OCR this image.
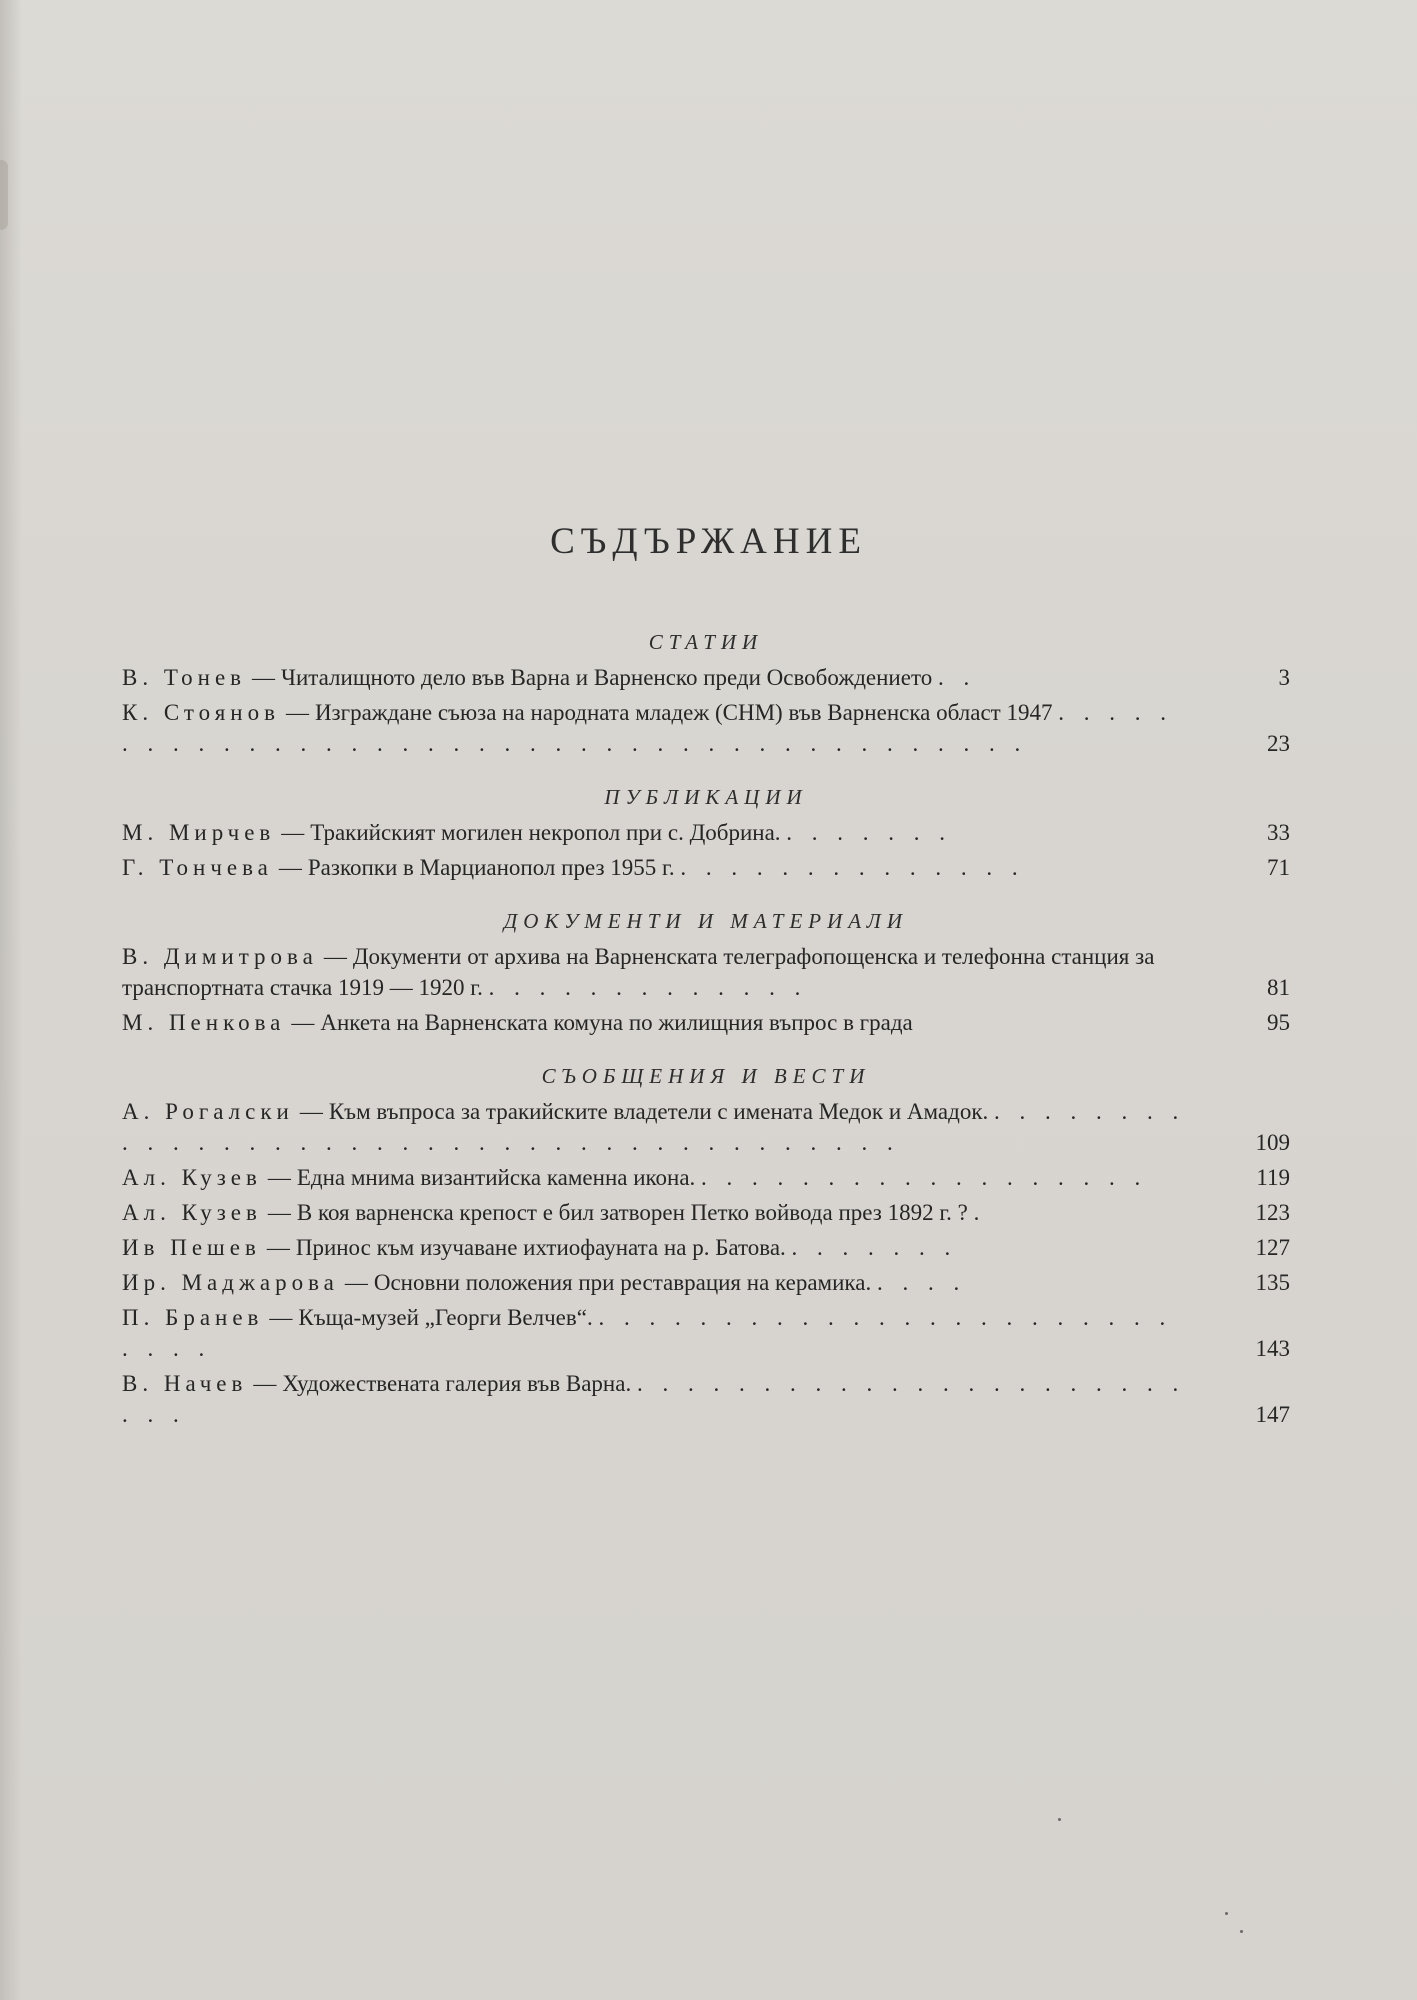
СЪДЪРЖАНИЕ
СТАТИИ
В. Тонев — Читалищното дело във Варна и Варненско преди Освобождението . .	3
К. Стоянов — Изграждане съюза на народната младеж (СНМ) във Варненска област 1947 . . . . . . . . . . . . . . . . . . . . . . . . . . . . . . . . . . . . . . . . .	23
ПУБЛИКАЦИИ
М. Мирчев — Тракийският могилен некропол при с. Добрина. . . . . . . .	33
Г. Тончева — Разкопки в Марцианопол през 1955 г. . . . . . . . . . . . . . .	71
ДОКУМЕНТИ И МАТЕРИАЛИ
В. Димитрова — Документи от архива на Варненската телеграфопощенска и телефонна станция за транспортната стачка 1919 — 1920 г. . . . . . . . . . . . . .	81
М. Пенкова — Анкета на Варненската комуна по жилищния въпрос в града	95
СЪОБЩЕНИЯ И ВЕСТИ
А. Рогалски — Към въпроса за тракийските владетели с имената Медок и Амадок. . . . . . . . . . . . . . . . . . . . . . . . . . . . . . . . . . . . . . . .	109
Ал. Кузев — Една мнима византийска каменна икона. . . . . . . . . . . . . . . . . . .	119
Ал. Кузев — В коя варненска крепост е бил затворен Петко войвода през 1892 г. ? .	123
Ив Пешев — Принос към изучаване ихтиофауната на р. Батова. . . . . . . .	127
Ир. Маджарова — Основни положения при реставрация на керамика. . . . .	135
П. Бранев — Къща-музей „Георги Велчев“. . . . . . . . . . . . . . . . . . . . . . . . . . . .	143
В. Начев — Художествената галерия във Варна. . . . . . . . . . . . . . . . . . . . . . . . . .	147
